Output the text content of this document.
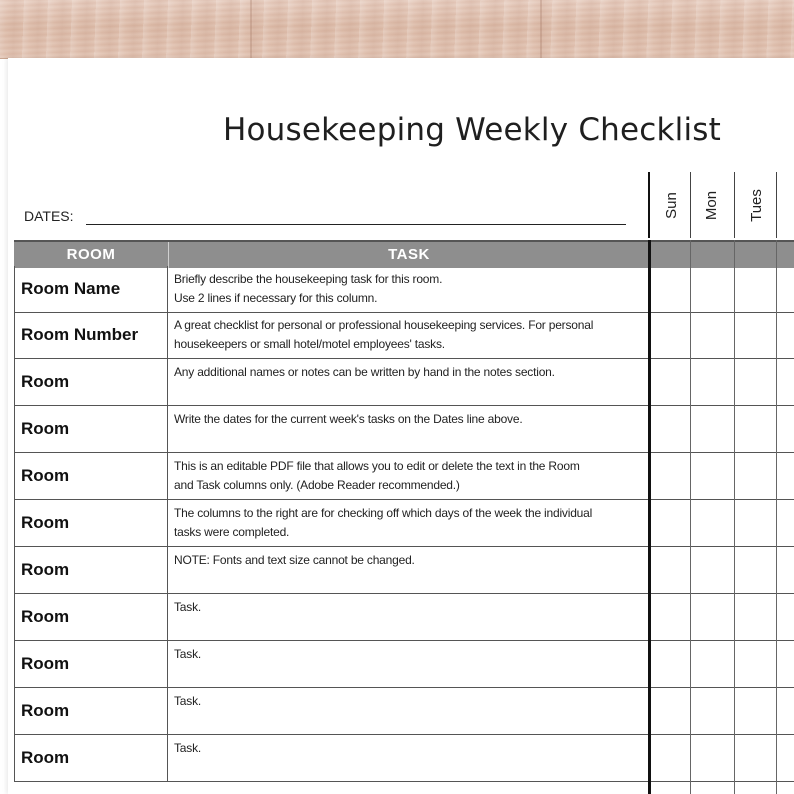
Housekeeping Weekly Checklist
DATES:	Sun Mon Tues
ROOM	TASK
Room Name	Briefly describe the housekeeping task for this room.
Use 2 lines if necessary for this column.
Room Number	A great checklist for personal or professional housekeeping services. For personal
housekeepers or small hotel/motel employees' tasks.
Room	Any additional names or notes can be written by hand in the notes section.
Room	Write the dates for the current week's tasks on the Dates line above.
Room	This is an editable PDF file that allows you to edit or delete the text in the Room
and Task columns only. (Adobe Reader recommended.)
Room	The columns to the right are for checking off which days of the week the individual
tasks were completed.
Room	NOTE: Fonts and text size cannot be changed.
Room	Task.
Room	Task.
Room	Task.
Room	Task.
